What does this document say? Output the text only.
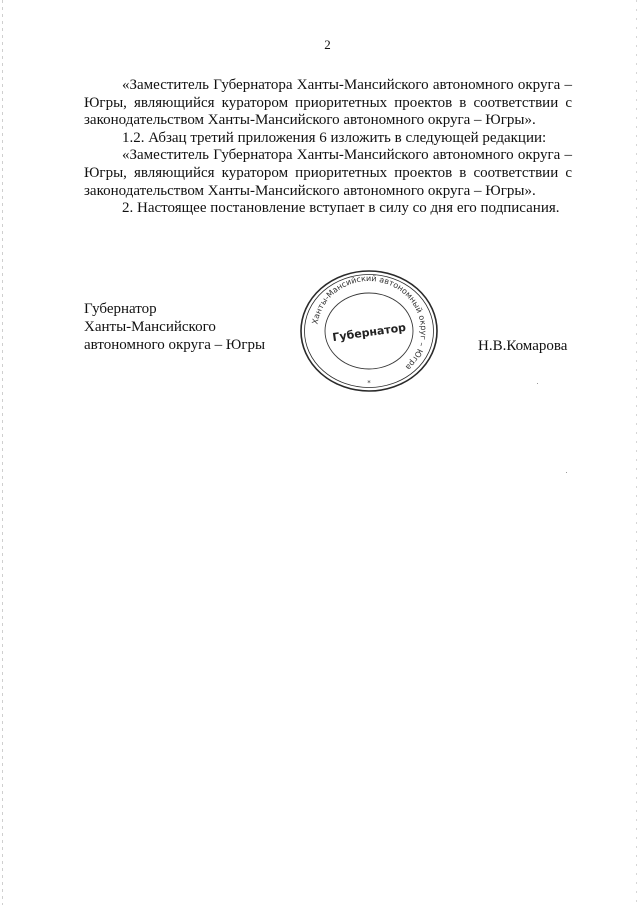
2

«Заместитель Губернатора Ханты-Мансийского автономного округа – Югры, являющийся куратором приоритетных проектов в соответствии с законодательством Ханты-Мансийского автономного округа – Югры».

1.2. Абзац третий приложения 6 изложить в следующей редакции:

«Заместитель Губернатора Ханты-Мансийского автономного округа – Югры, являющийся куратором приоритетных проектов в соответствии с законодательством Ханты-Мансийского автономного округа – Югры».

2. Настоящее постановление вступает в силу со дня его подписания.

Губернатор
Ханты-Мансийского
автономного округа – Югры
Ханты-Мансийский автономный округ – Югра
Губернатор
*
Н.В.Комарова
